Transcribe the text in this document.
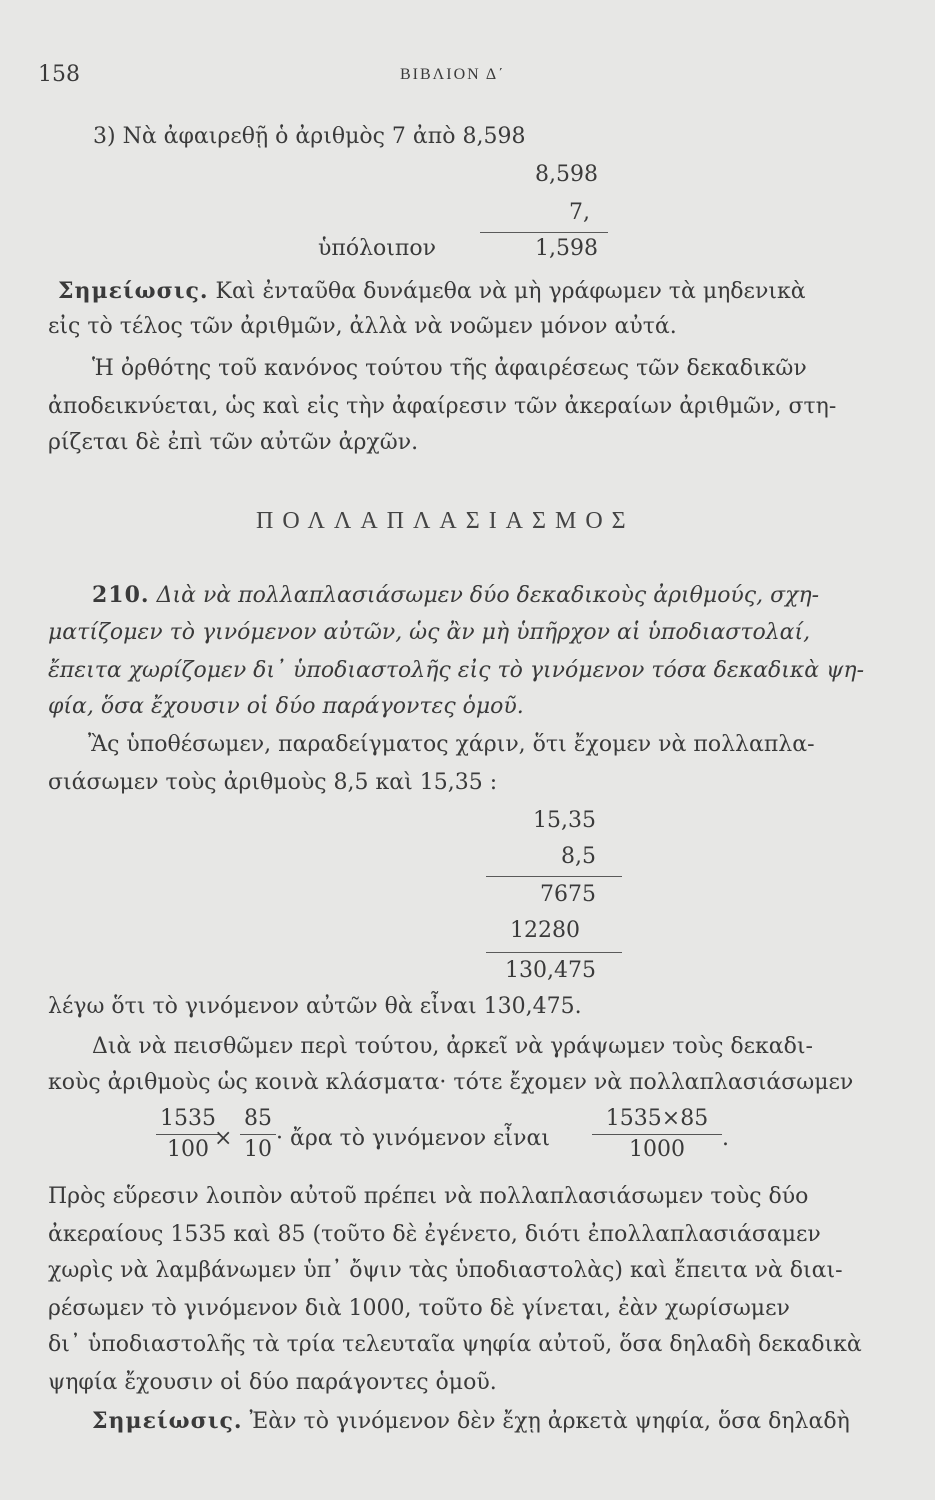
158	ΒΙΒΛΙΟΝ Δ΄
3) Νὰ ἀφαιρεθῇ ὁ ἀριθμὸς 7 ἀπὸ 8,598
8,598
7,
ὑπόλοιπον	1,598
Σημείωσις. Καὶ ἐνταῦθα δυνάμεθα νὰ μὴ γράφωμεν τὰ μηδενικὰ
εἰς τὸ τέλος τῶν ἀριθμῶν, ἀλλὰ νὰ νοῶμεν μόνον αὐτά.
Ἡ ὀρθότης τοῦ κανόνος τούτου τῆς ἀφαιρέσεως τῶν δεκαδικῶν
ἀποδεικνύεται, ὡς καὶ εἰς τὴν ἀφαίρεσιν τῶν ἀκεραίων ἀριθμῶν, στη-
ρίζεται δὲ ἐπὶ τῶν αὐτῶν ἀρχῶν.
ΠΟΛΛΑΠΛΑΣΙΑΣΜΟΣ
210. Διὰ νὰ πολλαπλασιάσωμεν δύο δεκαδικοὺς ἀριθμούς, σχη-
ματίζομεν τὸ γινόμενον αὐτῶν, ὡς ἂν μὴ ὑπῆρχον αἱ ὑποδιαστολαί,
ἔπειτα χωρίζομεν δι᾽ ὑποδιαστολῆς εἰς τὸ γινόμενον τόσα δεκαδικὰ ψη-
φία, ὅσα ἔχουσιν οἱ δύο παράγοντες ὁμοῦ.
Ἂς ὑποθέσωμεν, παραδείγματος χάριν, ὅτι ἔχομεν νὰ πολλαπλα-
σιάσωμεν τοὺς ἀριθμοὺς 8,5 καὶ 15,35 :
15,35
8,5
7675
12280
130,475
λέγω ὅτι τὸ γινόμενον αὐτῶν θὰ εἶναι 130,475.
Διὰ νὰ πεισθῶμεν περὶ τούτου, ἀρκεῖ νὰ γράψωμεν τοὺς δεκαδι-
κοὺς ἀριθμοὺς ὡς κοινὰ κλάσματα· τότε ἔχομεν νὰ πολλαπλασιάσωμεν
1535
100 ×
85
10 · ἄρα τὸ γινόμενον εἶναι
1535×85
1000	.
Πρὸς εὕρεσιν λοιπὸν αὐτοῦ πρέπει νὰ πολλαπλασιάσωμεν τοὺς δύο
ἀκεραίους 1535 καὶ 85 (τοῦτο δὲ ἐγένετο, διότι ἐπολλαπλασιάσαμεν
χωρὶς νὰ λαμβάνωμεν ὑπ᾽ ὄψιν τὰς ὑποδιαστολὰς) καὶ ἔπειτα νὰ διαι-
ρέσωμεν τὸ γινόμενον διὰ 1000, τοῦτο δὲ γίνεται, ἐὰν χωρίσωμεν
δι᾽ ὑποδιαστολῆς τὰ τρία τελευταῖα ψηφία αὐτοῦ, ὅσα δηλαδὴ δεκαδικὰ
ψηφία ἔχουσιν οἱ δύο παράγοντες ὁμοῦ.
Σημείωσις. Ἐὰν τὸ γινόμενον δὲν ἔχῃ ἀρκετὰ ψηφία, ὅσα δηλαδὴ
